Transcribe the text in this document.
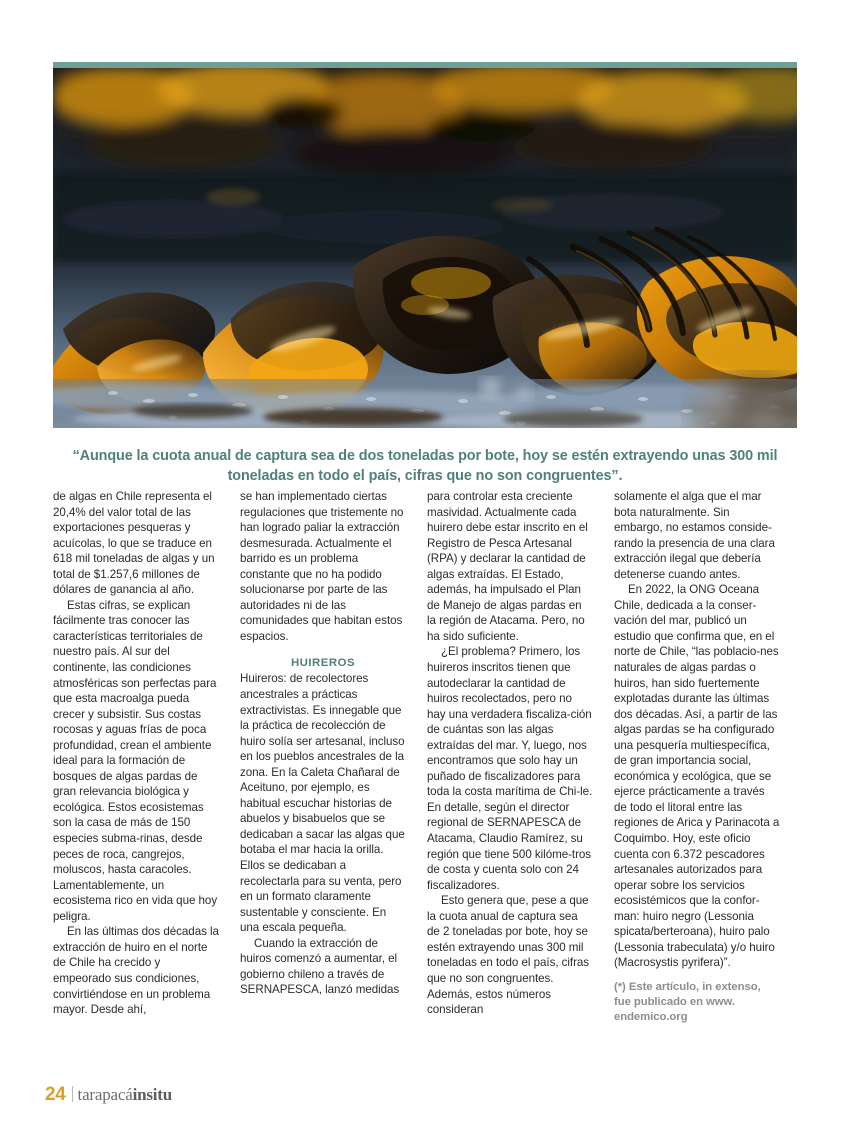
“Aunque la cuota anual de captura sea de dos toneladas por bote, hoy se estén extrayendo unas 300 mil toneladas en todo el país, cifras que no son congruentes”.

de algas en Chile representa el 20,4% del valor total de las exportaciones pesqueras y acuícolas, lo que se traduce en 618 mil toneladas de algas y un total de $1.257,6 millones de dólares de ganancia al año.

Estas cifras, se explican fácilmente tras conocer las características territoriales de nuestro país. Al sur del continente, las condiciones atmosféricas son perfectas para que esta macroalga pueda crecer y subsistir. Sus costas rocosas y aguas frías de poca profundidad, crean el ambiente ideal para la formación de bosques de algas pardas de gran relevancia biológica y ecológica. Estos ecosistemas son la casa de más de 150 especies subma-rinas, desde peces de roca, cangrejos, moluscos, hasta caracoles. Lamentablemente, un ecosistema rico en vida que hoy peligra.

En las últimas dos décadas la extracción de huiro en el norte de Chile ha crecido y empeorado sus condiciones, convirtiéndose en un problema mayor. Desde ahí,

se han implementado ciertas regulaciones que tristemente no han logrado paliar la extracción desmesurada. Actualmente el barrido es un problema constante que no ha podido solucionarse por parte de las autoridades ni de las comunidades que habitan estos espacios.

HUIREROS

Huireros: de recolectores ancestrales a prácticas extractivistas. Es innegable que la práctica de recolección de huiro solía ser artesanal, incluso en los pueblos ancestrales de la zona. En la Caleta Chañaral de Aceituno, por ejemplo, es habitual escuchar historias de abuelos y bisabuelos que se dedicaban a sacar las algas que botaba el mar hacia la orilla. Ellos se dedicaban a recolectarla para su venta, pero en un formato claramente sustentable y consciente. En una escala pequeña.

Cuando la extracción de huiros comenzó a aumentar, el gobierno chileno a través de SERNAPESCA, lanzó medidas

para controlar esta creciente masividad. Actualmente cada huirero debe estar inscrito en el Registro de Pesca Artesanal (RPA) y declarar la cantidad de algas extraídas. El Estado, además, ha impulsado el Plan de Manejo de algas pardas en la región de Atacama. Pero, no ha sido suficiente.

¿El problema? Primero, los huireros inscritos tienen que autodeclarar la cantidad de huiros recolectados, pero no hay una verdadera fiscaliza-ción de cuántas son las algas extraídas del mar. Y, luego, nos encontramos que solo hay un puñado de fiscalizadores para toda la costa marítima de Chi-le. En detalle, según el director regional de SERNAPESCA de Atacama, Claudio Ramírez, su región que tiene 500 kilóme-tros de costa y cuenta solo con 24 fiscalizadores.

Esto genera que, pese a que la cuota anual de captura sea de 2 toneladas por bote, hoy se estén extrayendo unas 300 mil toneladas en todo el país, cifras que no son congruentes. Además, estos números consideran

solamente el alga que el mar bota naturalmente. Sin embargo, no estamos conside-rando la presencia de una clara extracción ilegal que debería detenerse cuando antes.

En 2022, la ONG Oceana Chile, dedicada a la conser-vación del mar, publicó un estudio que confirma que, en el norte de Chile, “las poblacio-nes naturales de algas pardas o huiros, han sido fuertemente explotadas durante las últimas dos décadas. Así, a partir de las algas pardas se ha configurado una pesquería multiespecífica, de gran importancia social, económica y ecológica, que se ejerce prácticamente a través de todo el litoral entre las regiones de Arica y Parinacota a Coquimbo. Hoy, este oficio cuenta con 6.372 pescadores artesanales autorizados para operar sobre los servicios ecosistémicos que la confor-man: huiro negro (Lessonia spicata/berteroana), huiro palo (Lessonia trabeculata) y/o huiro (Macrosystis pyrifera)”.

(*) Este artículo, in extenso, fue publicado en www. endemico.org

24 tarapacáinsitu
